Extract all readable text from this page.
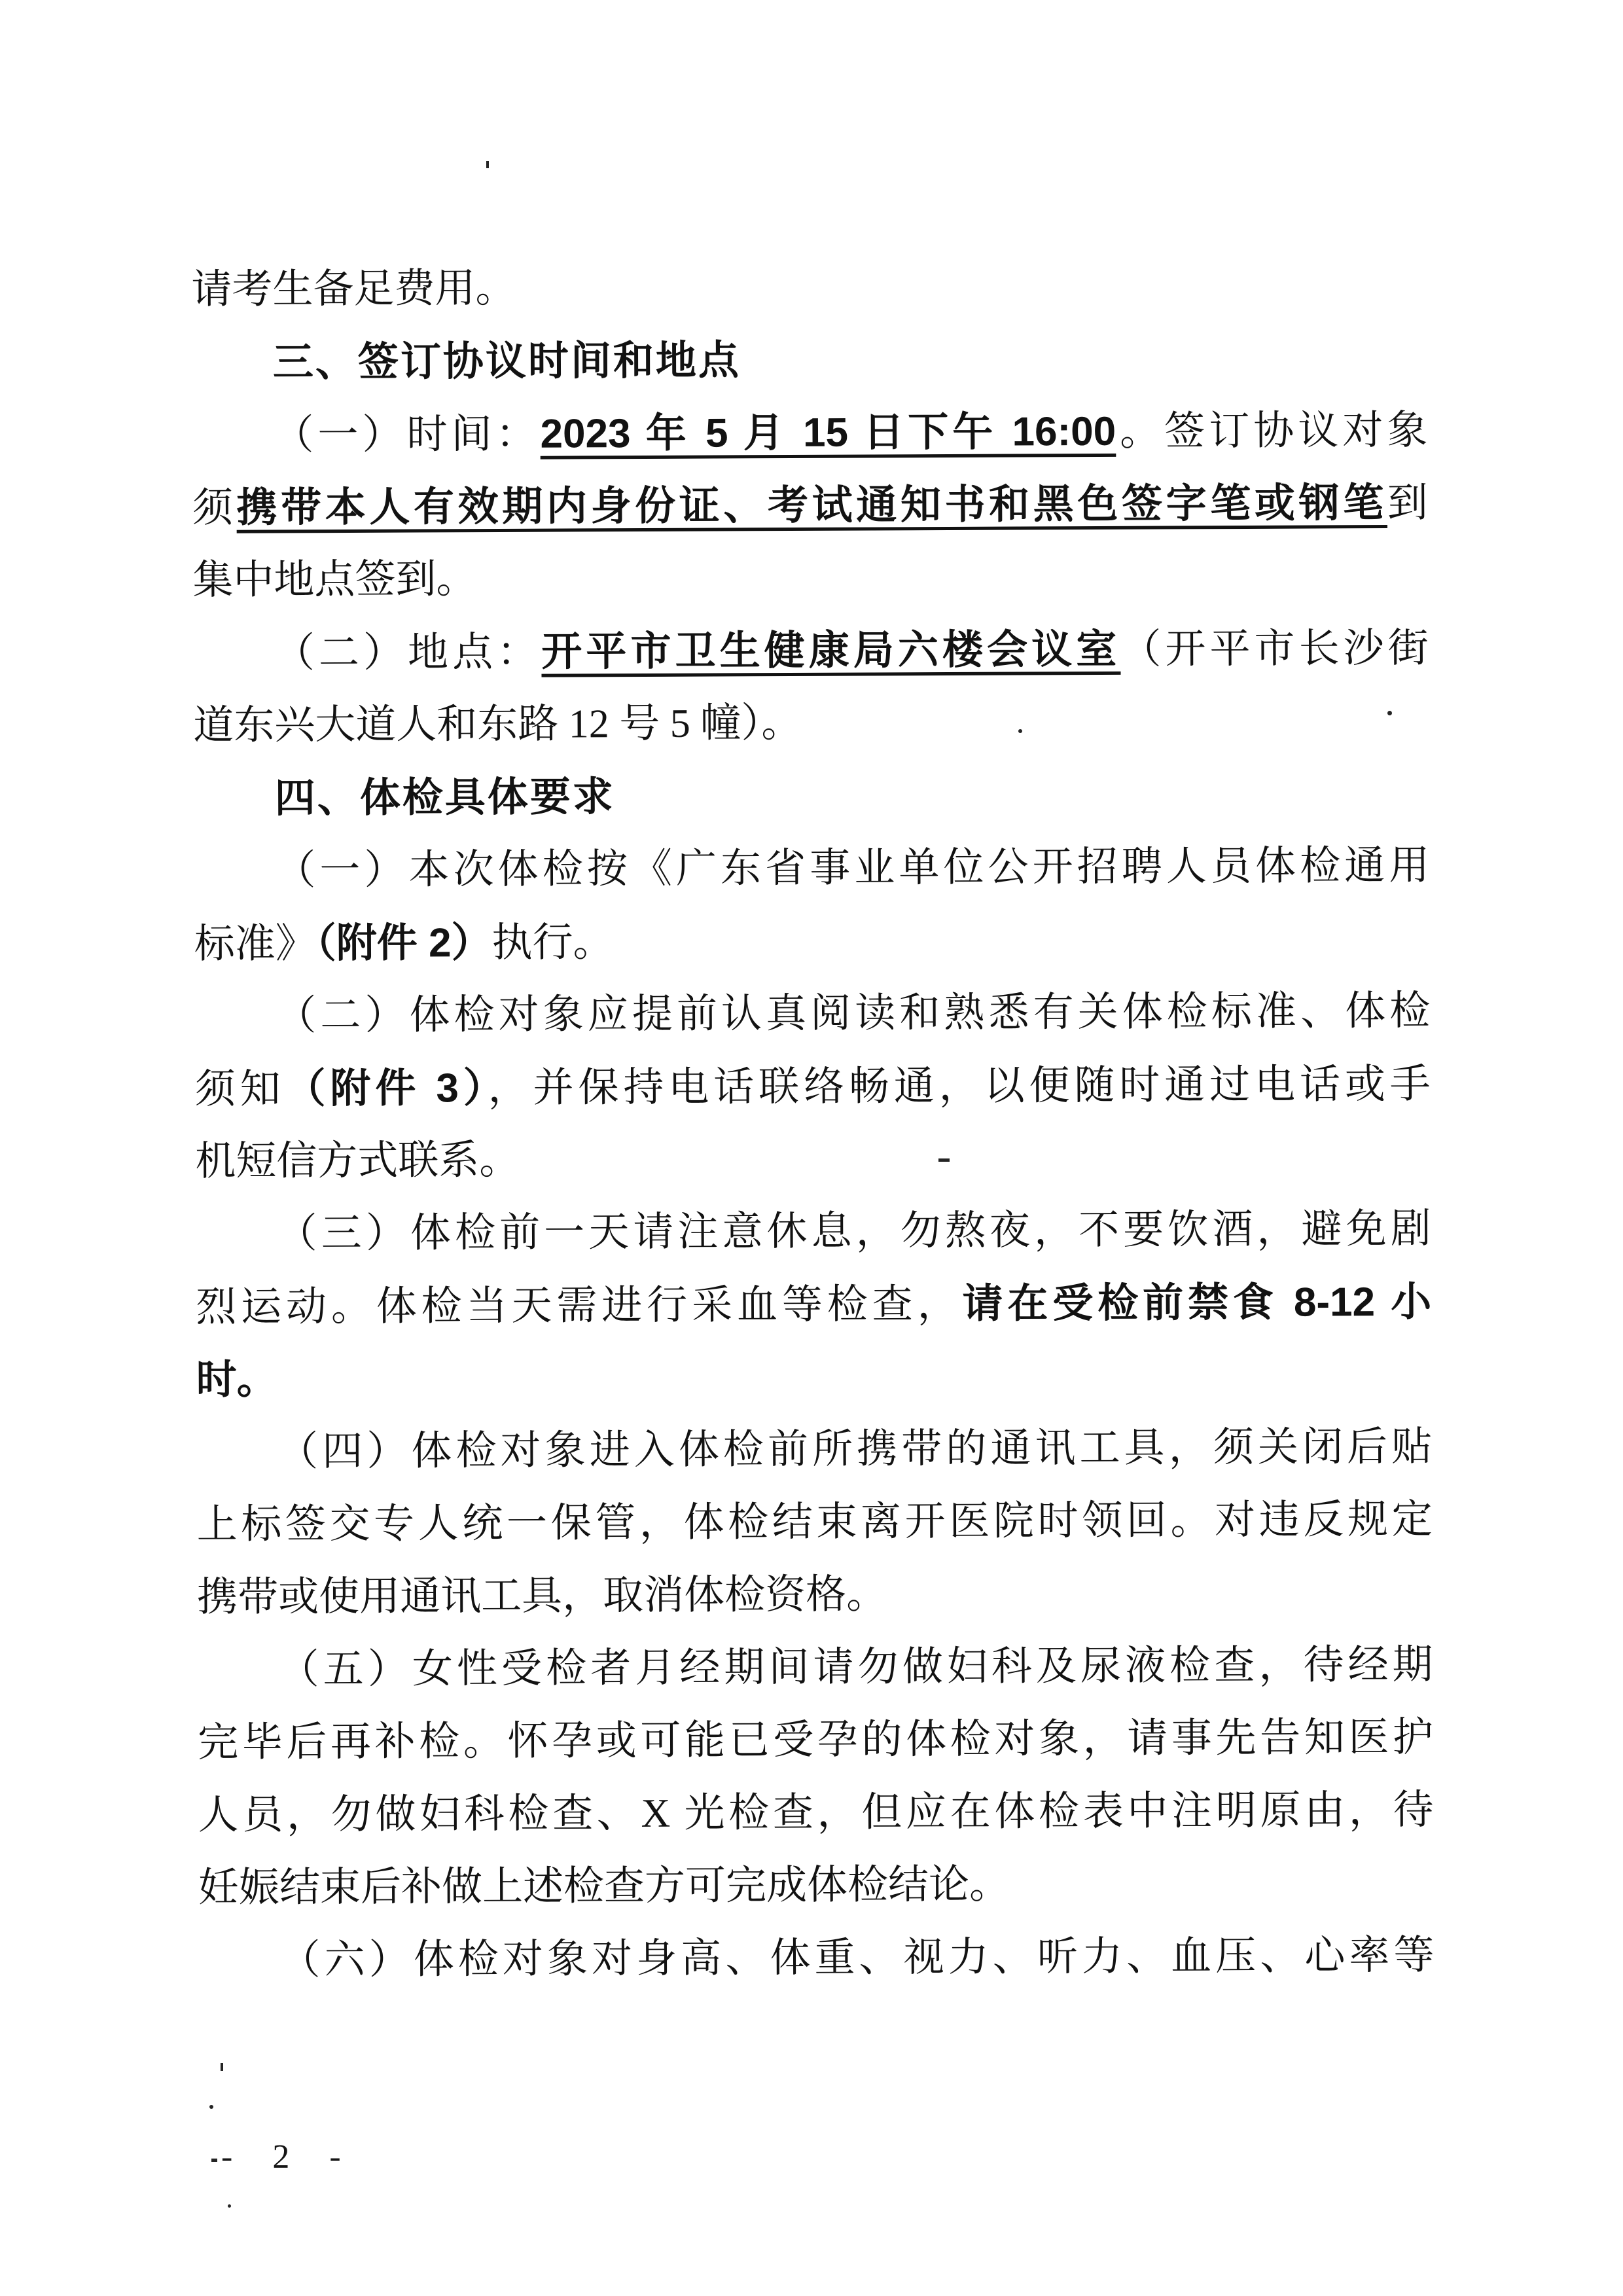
请考生备足费用。
三、签订协议时间和地点
（一）时间：2023 年 5 月 15 日下午 16:00。签订协议对象
须携带本人有效期内身份证、考试通知书和黑色签字笔或钢笔到
集中地点签到。
（二）地点：开平市卫生健康局六楼会议室（开平市长沙街
道东兴大道人和东路 12 号 5 幢）。
四、体检具体要求
（一）本次体检按《广东省事业单位公开招聘人员体检通用
标准》（附件 2）执行。
（二）体检对象应提前认真阅读和熟悉有关体检标准、体检
须知（附件 3），并保持电话联络畅通，以便随时通过电话或手
机短信方式联系。
（三）体检前一天请注意休息，勿熬夜，不要饮酒，避免剧
烈运动。体检当天需进行采血等检查，请在受检前禁食 8-12 小
时。
（四）体检对象进入体检前所携带的通讯工具，须关闭后贴
上标签交专人统一保管，体检结束离开医院时领回。对违反规定
携带或使用通讯工具，取消体检资格。
（五）女性受检者月经期间请勿做妇科及尿液检查，待经期
完毕后再补检。怀孕或可能已受孕的体检对象，请事先告知医护
人员，勿做妇科检查、X 光检查，但应在体检表中注明原由，待
妊娠结束后补做上述检查方可完成体检结论。
（六）体检对象对身高、体重、视力、听力、血压、心率等
- 2 -
